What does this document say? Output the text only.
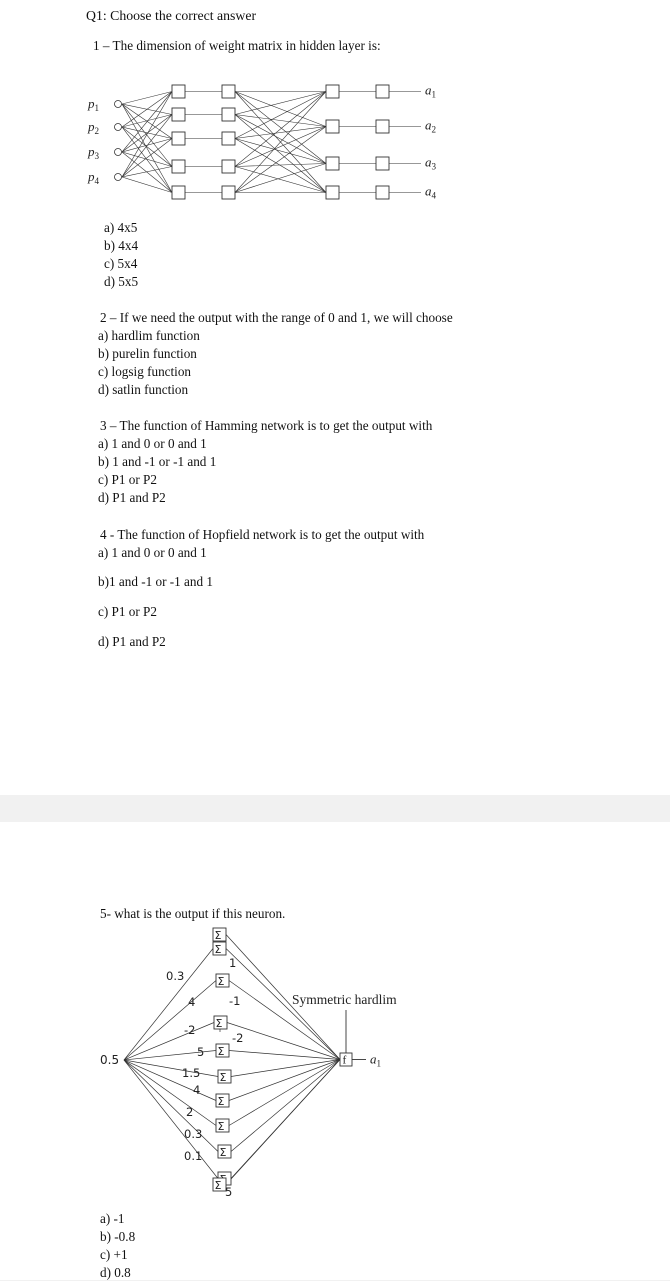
Q1: Choose the correct answer
1 – The dimension of weight matrix in hidden layer is:
$p_1$
$p_2$
$p_3$
$p_4$
$a_1$
$a_2$
$a_3$
$a_4$
a) 4x5
b) 4x4
c) 5x4
d) 5x5
2 – If we need the output with the range of 0 and 1, we will choose
a) hardlim function
b) purelin function
c) logsig function
d) satlin function
3 – The function of Hamming network is to get the output with
a) 1 and 0 or 0 and 1
b) 1 and -1 or -1 and 1
c) P1 or P2
d) P1 and P2
4 - The function of Hopfield network is to get the output with
a) 1 and 0 or 0 and 1
b)1 and -1 or -1 and 1
c) P1 or P2
d) P1 and P2
5- what is the output if this neuron.
Σ
Σ
Σ
Σ
Σ
Σ
Σ
Σ
Σ
Σ
0.5
0.3
4
-2
5
1.5
4
2
0.3
0.1
1
-1
-2
5
Symmetric hardlim
f $a_1$
a) -1
b) -0.8
c) +1
d) 0.8
